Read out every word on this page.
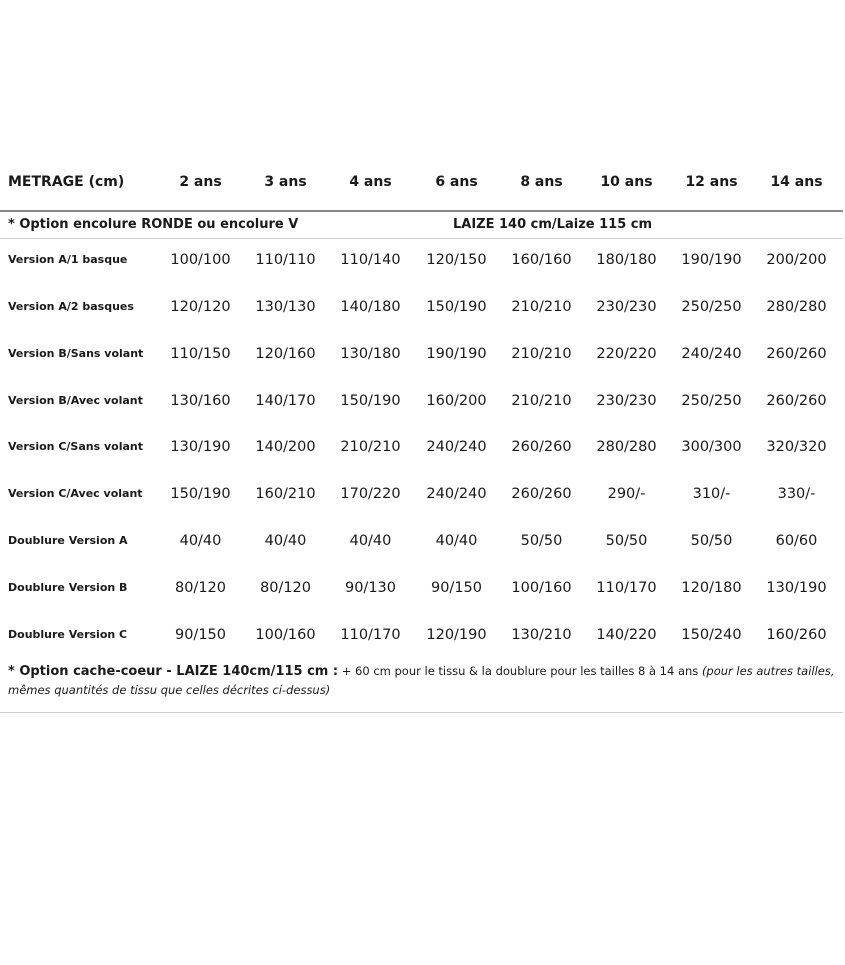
METRAGE (cm)	2 ans	3 ans	4 ans	6 ans	8 ans	10 ans	12 ans	14 ans
* Option encolure RONDE ou encolure V	LAIZE 140 cm/Laize 115 cm
Version A/1 basque	100/100	110/110	110/140	120/150	160/160	180/180	190/190	200/200
Version A/2 basques	120/120	130/130	140/180	150/190	210/210	230/230	250/250	280/280
Version B/Sans volant	110/150	120/160	130/180	190/190	210/210	220/220	240/240	260/260
Version B/Avec volant	130/160	140/170	150/190	160/200	210/210	230/230	250/250	260/260
Version C/Sans volant	130/190	140/200	210/210	240/240	260/260	280/280	300/300	320/320
Version C/Avec volant	150/190	160/210	170/220	240/240	260/260	290/-	310/-	330/-
Doublure Version A	40/40	40/40	40/40	40/40	50/50	50/50	50/50	60/60
Doublure Version B	80/120	80/120	90/130	90/150	100/160	110/170	120/180	130/190
Doublure Version C	90/150	100/160	110/170	120/190	130/210	140/220	150/240	160/260
* Option cache-coeur - LAIZE 140cm/115 cm : + 60 cm pour le tissu & la doublure pour les tailles 8 à 14 ans (pour les autres tailles, mêmes quantités de tissu que celles décrites ci-dessus)
